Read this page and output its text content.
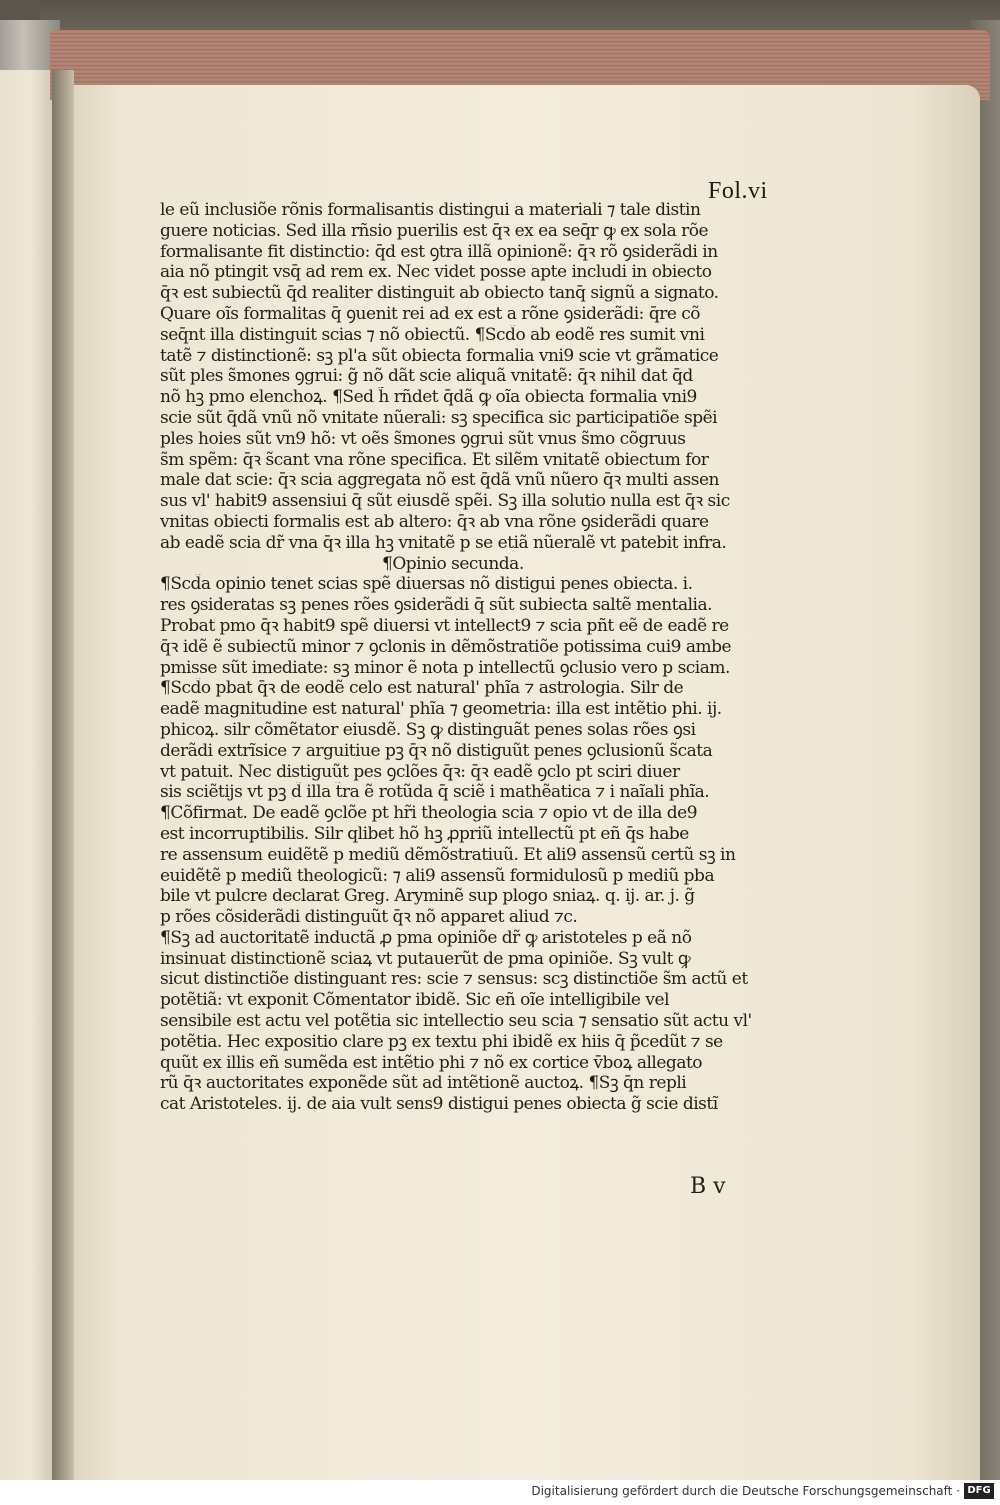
Fol.vi
le eũ inclusiõe rõnis formalisantis distingui a materiali ⁊ tale distin
guere noticias. Sed illa rñsio puerilis est q̄ꝛ ex ea seq̄r ꝙ ex sola rõe
formalisante fit distinctio: q̄d est ꝯtra illã opinionẽ: q̄ꝛ rõ ꝯsiderãdi in
aia nõ ptingit vsq̄ ad rem ex. Nec videt posse apte includi in obiecto
q̄ꝛ est subiectũ q̄d realiter distinguit ab obiecto tanq̄ signũ a signato.
Quare oĩs formalitas q̄ ꝯuenit rei ad ex est a rõne ꝯsiderãdi: q̄re cõ
seq̄nt illa distinguit scias ⁊ nõ obiectũ. ¶Scd̃o ab eodẽ res sumit vni
tatẽ ⁊ distinctionẽ: sꝫ pl'a sũt obiecta formalia vni9 scie vt grãmatice
sũt ples s̃mones ꝯgrui: g̃ nõ dãt scie aliquã vnitatẽ: q̄ꝛ nihil dat q̄d
nõ hꝫ pmo elenchoꝝ. ¶Sed h̃ rñdet q̄dã ꝙ oĩa obiecta formalia vni9
scie sũt q̄dã vnũ nõ vnitate nũerali: sꝫ specifica sic participatiõe spẽi
ples hoies sũt vn9 hõ: vt oẽs s̃mones ꝯgrui sũt vnus s̃mo cõgruus
s̃m spẽm: q̄ꝛ s̃cant vna rõne specifica. Et silẽm vnitatẽ obiectum for
male dat scie: q̄ꝛ scia aggregata nõ est q̄dã vnũ nũero q̄ꝛ multi assen
sus vl' habit9 assensiui q̄ sũt eiusdẽ spẽi. Sꝫ illa solutio nulla est q̄ꝛ sic
vnitas obiecti formalis est ab altero: q̄ꝛ ab vna rõne ꝯsiderãdi quare
ab eadẽ scia dr̃ vna q̄ꝛ illa hꝫ vnitatẽ p se etiã nũeralẽ vt patebit infra.
¶Opinio secunda.
¶Scd̃a opinio tenet scias spẽ diuersas nõ distigui penes obiecta. i.
res ꝯsideratas sꝫ penes rões ꝯsiderãdi q̄ sũt subiecta saltẽ mentalia.
Probat pmo q̄ꝛ habit9 spẽ diuersi vt intellect9 ⁊ scia pñt eẽ de eadẽ re
q̄ꝛ idẽ ẽ subiectũ minor ⁊ ꝯclonis in dẽmõstratiõe potissima cui9 ambe
pmisse sũt imediate: sꝫ minor ẽ nota p intellectũ ꝯclusio vero p sciam.
¶Scd̃o pbat q̄ꝛ de eodẽ celo est natural' phĩa ⁊ astrologia. Silr de
eadẽ magnitudine est natural' phĩa ⁊ geometria: illa est intẽtio phi. ij.
phicoꝝ. silr cõmẽtator eiusdẽ. Sꝫ ꝙ distinguãt penes solas rões ꝯsi
derãdi extrĩsice ⁊ arguitiue pꝫ q̄ꝛ nõ distiguũt penes ꝯclusionũ s̃cata
vt patuit. Nec distiguũt pes ꝯclões q̄ꝛ: q̄ꝛ eadẽ ꝯclo pt sciri diuer
sis sciẽtijs vt pꝫ d̃ illa t̃ra ẽ rotũda q̄ sciẽ i mathẽatica ⁊ i naĩali phĩa.
¶Cõfirmat. De eadẽ ꝯclõe pt hr̃i theologia scia ⁊ opio vt de illa de9
est incorruptibilis. Silr qlibet hõ hꝫ ꝓpriũ intellectũ pt eñ q̄s habe
re assensum euidẽtẽ p mediũ dẽmõstratiuũ. Et ali9 assensũ certũ sꝫ in
euidẽtẽ p mediũ theologicũ: ⁊ ali9 assensũ formidulosũ p mediũ pba
bile vt pulcre declarat Greg. Aryminẽ sup plogo sniaꝝ. q. ij. ar. j. g̃
p rões cõsiderãdi distinguũt q̄ꝛ nõ apparet aliud ⁊c.
¶Sꝫ ad auctoritatẽ inductã ꝓ pma opiniõe dr̃ ꝙ aristoteles p eã nõ
insinuat distinctionẽ sciaꝝ vt putauerũt de pma opiniõe. Sꝫ vult ꝙ
sicut distinctiõe distinguant res: scie ⁊ sensus: scꝫ distinctiõe s̃m actũ et
potẽtiã: vt exponit Cõmentator ibidẽ. Sic eñ oĩe intelligibile vel
sensibile est actu vel potẽtia sic intellectio seu scia ⁊ sensatio sũt actu vl'
potẽtia. Hec expositio clare pꝫ ex textu phi ibidẽ ex hiis q̄ p̃cedũt ⁊ se
quũt ex illis eñ sumẽda est intẽtio phi ⁊ nõ ex cortice v̄boꝝ allegato
rũ q̄ꝛ auctoritates exponẽde sũt ad intẽtionẽ auctoꝝ. ¶Sꝫ q̄n repli
cat Aristoteles. ij. de aia vult sens9 distigui penes obiecta g̃ scie distĩ
B v
Digitalisierung gefördert durch die Deutsche Forschungsgemeinschaft · DFG
